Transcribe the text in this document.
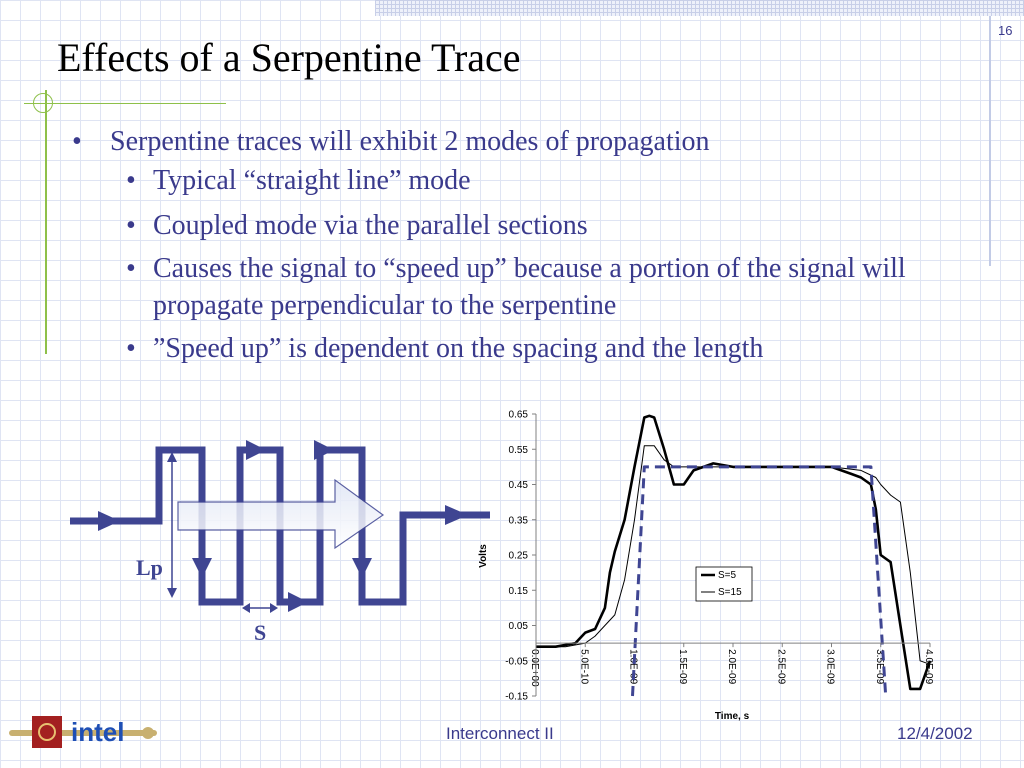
Effects of a Serpentine Trace
16
• Serpentine traces will exhibit 2 modes of propagation
• Typical “straight line” mode
• Coupled mode via the parallel sections
• Causes the signal to “speed up” because a portion of the signal will propagate perpendicular to the serpentine
• ”Speed up” is dependent on the spacing and the length
Lp
S
-0.15
-0.05
0.05
0.15
0.25
0.35
0.45
0.55
0.65
0.0E+00	5.0E-10	1.0E-09	1.5E-09	2.0E-09	2.5E-09	3.0E-09	3.5E-09	4.0E-09
Volts
Time, s
S=5
S=15
intel	Interconnect II	12/4/2002
